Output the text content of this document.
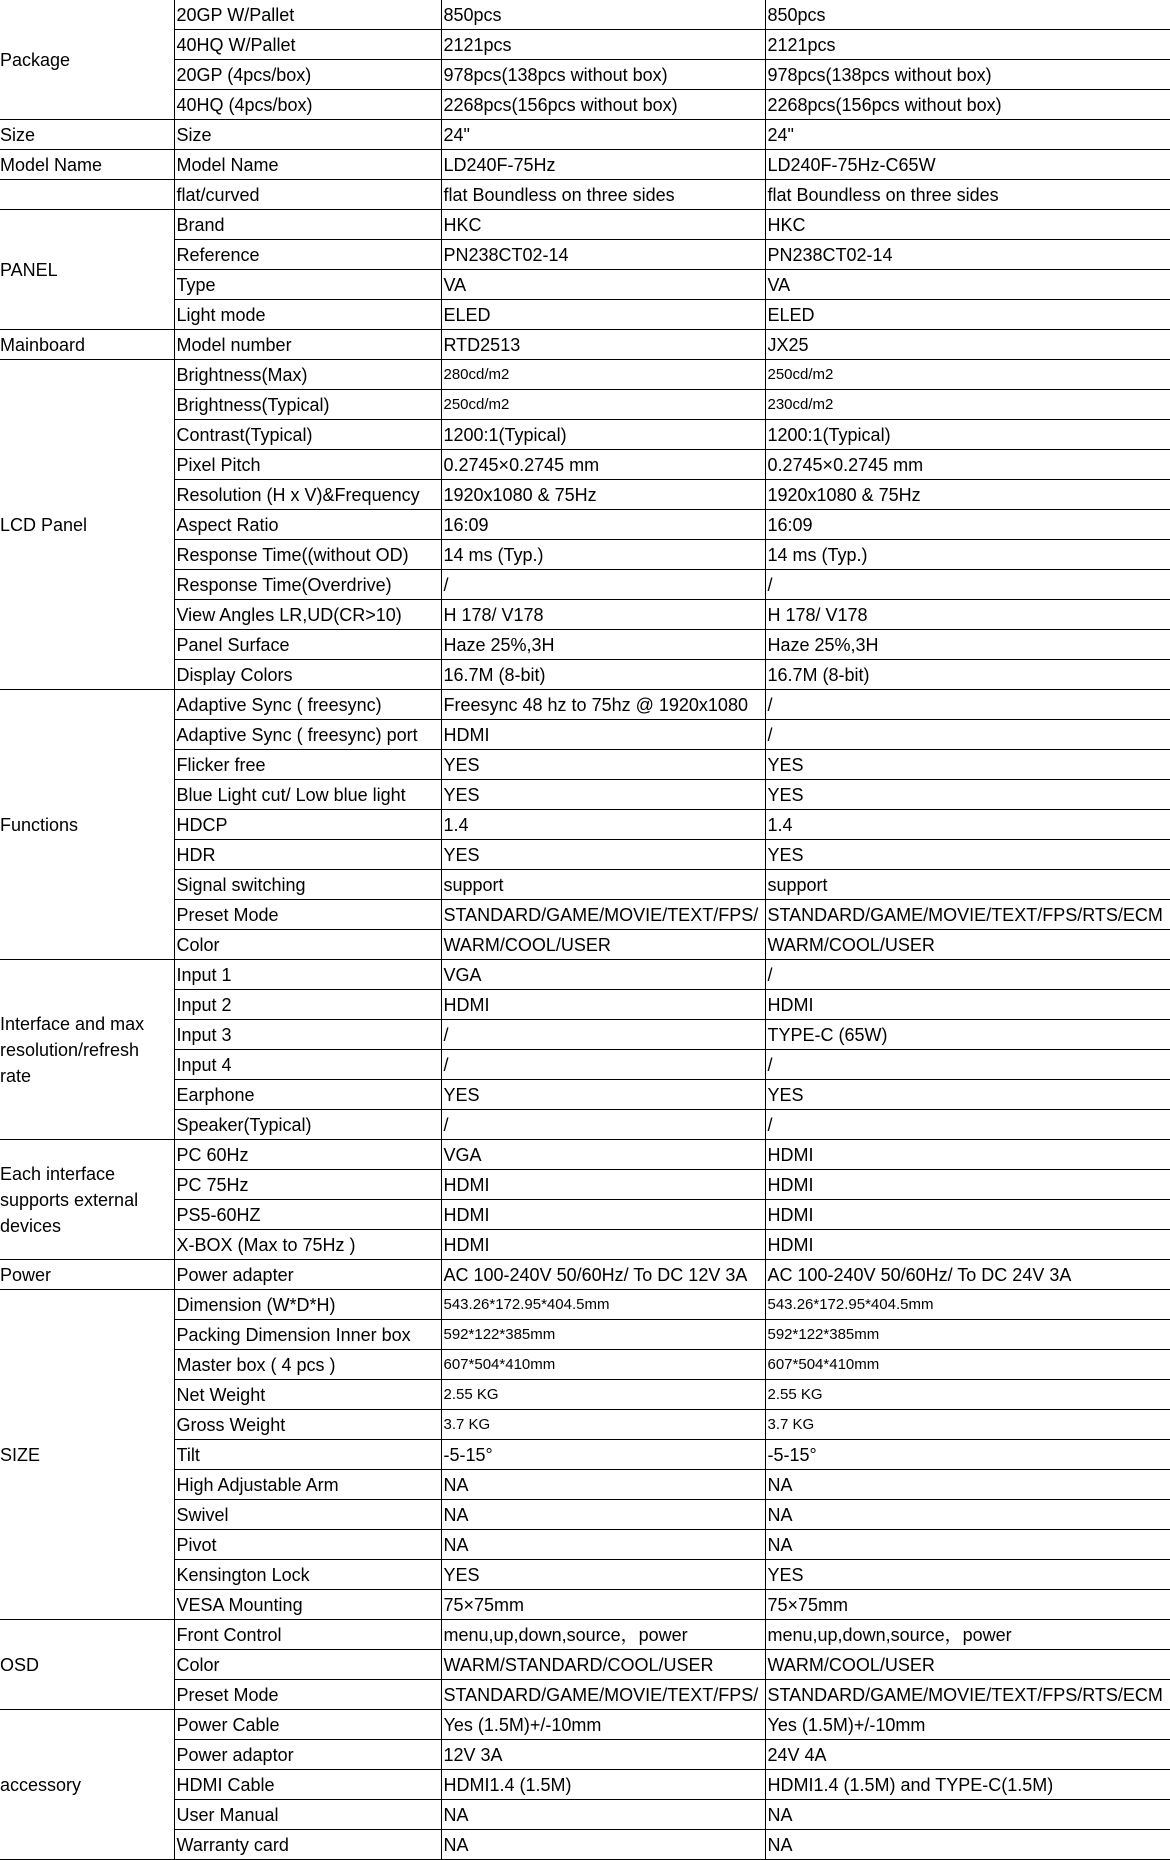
Package	20GP W/Pallet	850pcs	850pcs
	40HQ W/Pallet	2121pcs	2121pcs
	20GP (4pcs/box)	978pcs(138pcs without box)	978pcs(138pcs without box)
	40HQ (4pcs/box)	2268pcs(156pcs without box)	2268pcs(156pcs without box)
Size	Size	24"	24"
Model Name	Model Name	LD240F-75Hz	LD240F-75Hz-C65W
	flat/curved	flat Boundless on three sides	flat Boundless on three sides
PANEL	Brand	HKC	HKC
	Reference	PN238CT02-14	PN238CT02-14
	Type	VA	VA
	Light mode	ELED	ELED
Mainboard	Model number	RTD2513	JX25
LCD Panel	Brightness(Max)	280cd/m2	250cd/m2
	Brightness(Typical)	250cd/m2	230cd/m2
	Contrast(Typical)	1200:1(Typical)	1200:1(Typical)
	Pixel Pitch	0.2745×0.2745 mm	0.2745×0.2745 mm
	Resolution (H x V)&Frequency	1920x1080 & 75Hz	1920x1080 & 75Hz
	Aspect Ratio	16:09	16:09
	Response Time((without OD)	14 ms (Typ.)	14 ms (Typ.)
	Response Time(Overdrive)	/	/
	View Angles LR,UD(CR>10)	H 178/ V178	H 178/ V178
	Panel Surface	Haze 25%,3H	Haze 25%,3H
	Display Colors	16.7M (8-bit)	16.7M (8-bit)
Functions	Adaptive Sync ( freesync)	Freesync 48 hz to 75hz @ 1920x1080	/
	Adaptive Sync ( freesync) port	HDMI	/
	Flicker free	YES	YES
	Blue Light cut/ Low blue light	YES	YES
	HDCP	1.4	1.4
	HDR	YES	YES
	Signal switching	support	support
	Preset Mode	STANDARD/GAME/MOVIE/TEXT/FPS/	STANDARD/GAME/MOVIE/TEXT/FPS/RTS/ECM
	Color	WARM/COOL/USER	WARM/COOL/USER
Interface and max resolution/refresh rate	Input 1	VGA	/
	Input 2	HDMI	HDMI
	Input 3	/	TYPE-C (65W)
	Input 4	/	/
	Earphone	YES	YES
	Speaker(Typical)	/	/
Each interface supports external devices	PC 60Hz	VGA	HDMI
	PC 75Hz	HDMI	HDMI
	PS5-60HZ	HDMI	HDMI
	X-BOX (Max to 75Hz )	HDMI	HDMI
Power	Power adapter	AC 100-240V 50/60Hz/ To DC 12V 3A	AC 100-240V 50/60Hz/ To DC 24V 3A
SIZE	Dimension (W*D*H)	543.26*172.95*404.5mm	543.26*172.95*404.5mm
	Packing Dimension Inner box	592*122*385mm	592*122*385mm
	Master box ( 4 pcs )	607*504*410mm	607*504*410mm
	Net Weight	2.55 KG	2.55 KG
	Gross Weight	3.7 KG	3.7 KG
	Tilt	-5-15°	-5-15°
	High Adjustable Arm	NA	NA
	Swivel	NA	NA
	Pivot	NA	NA
	Kensington Lock	YES	YES
	VESA Mounting	75×75mm	75×75mm
OSD	Front Control	menu,up,down,source，power	menu,up,down,source，power
	Color	WARM/STANDARD/COOL/USER	WARM/COOL/USER
	Preset Mode	STANDARD/GAME/MOVIE/TEXT/FPS/	STANDARD/GAME/MOVIE/TEXT/FPS/RTS/ECM
accessory	Power Cable	Yes (1.5M)+/-10mm	Yes (1.5M)+/-10mm
	Power adaptor	12V 3A	24V 4A
	HDMI Cable	HDMI1.4 (1.5M)	HDMI1.4 (1.5M) and TYPE-C(1.5M)
	User Manual	NA	NA
	Warranty card	NA	NA
